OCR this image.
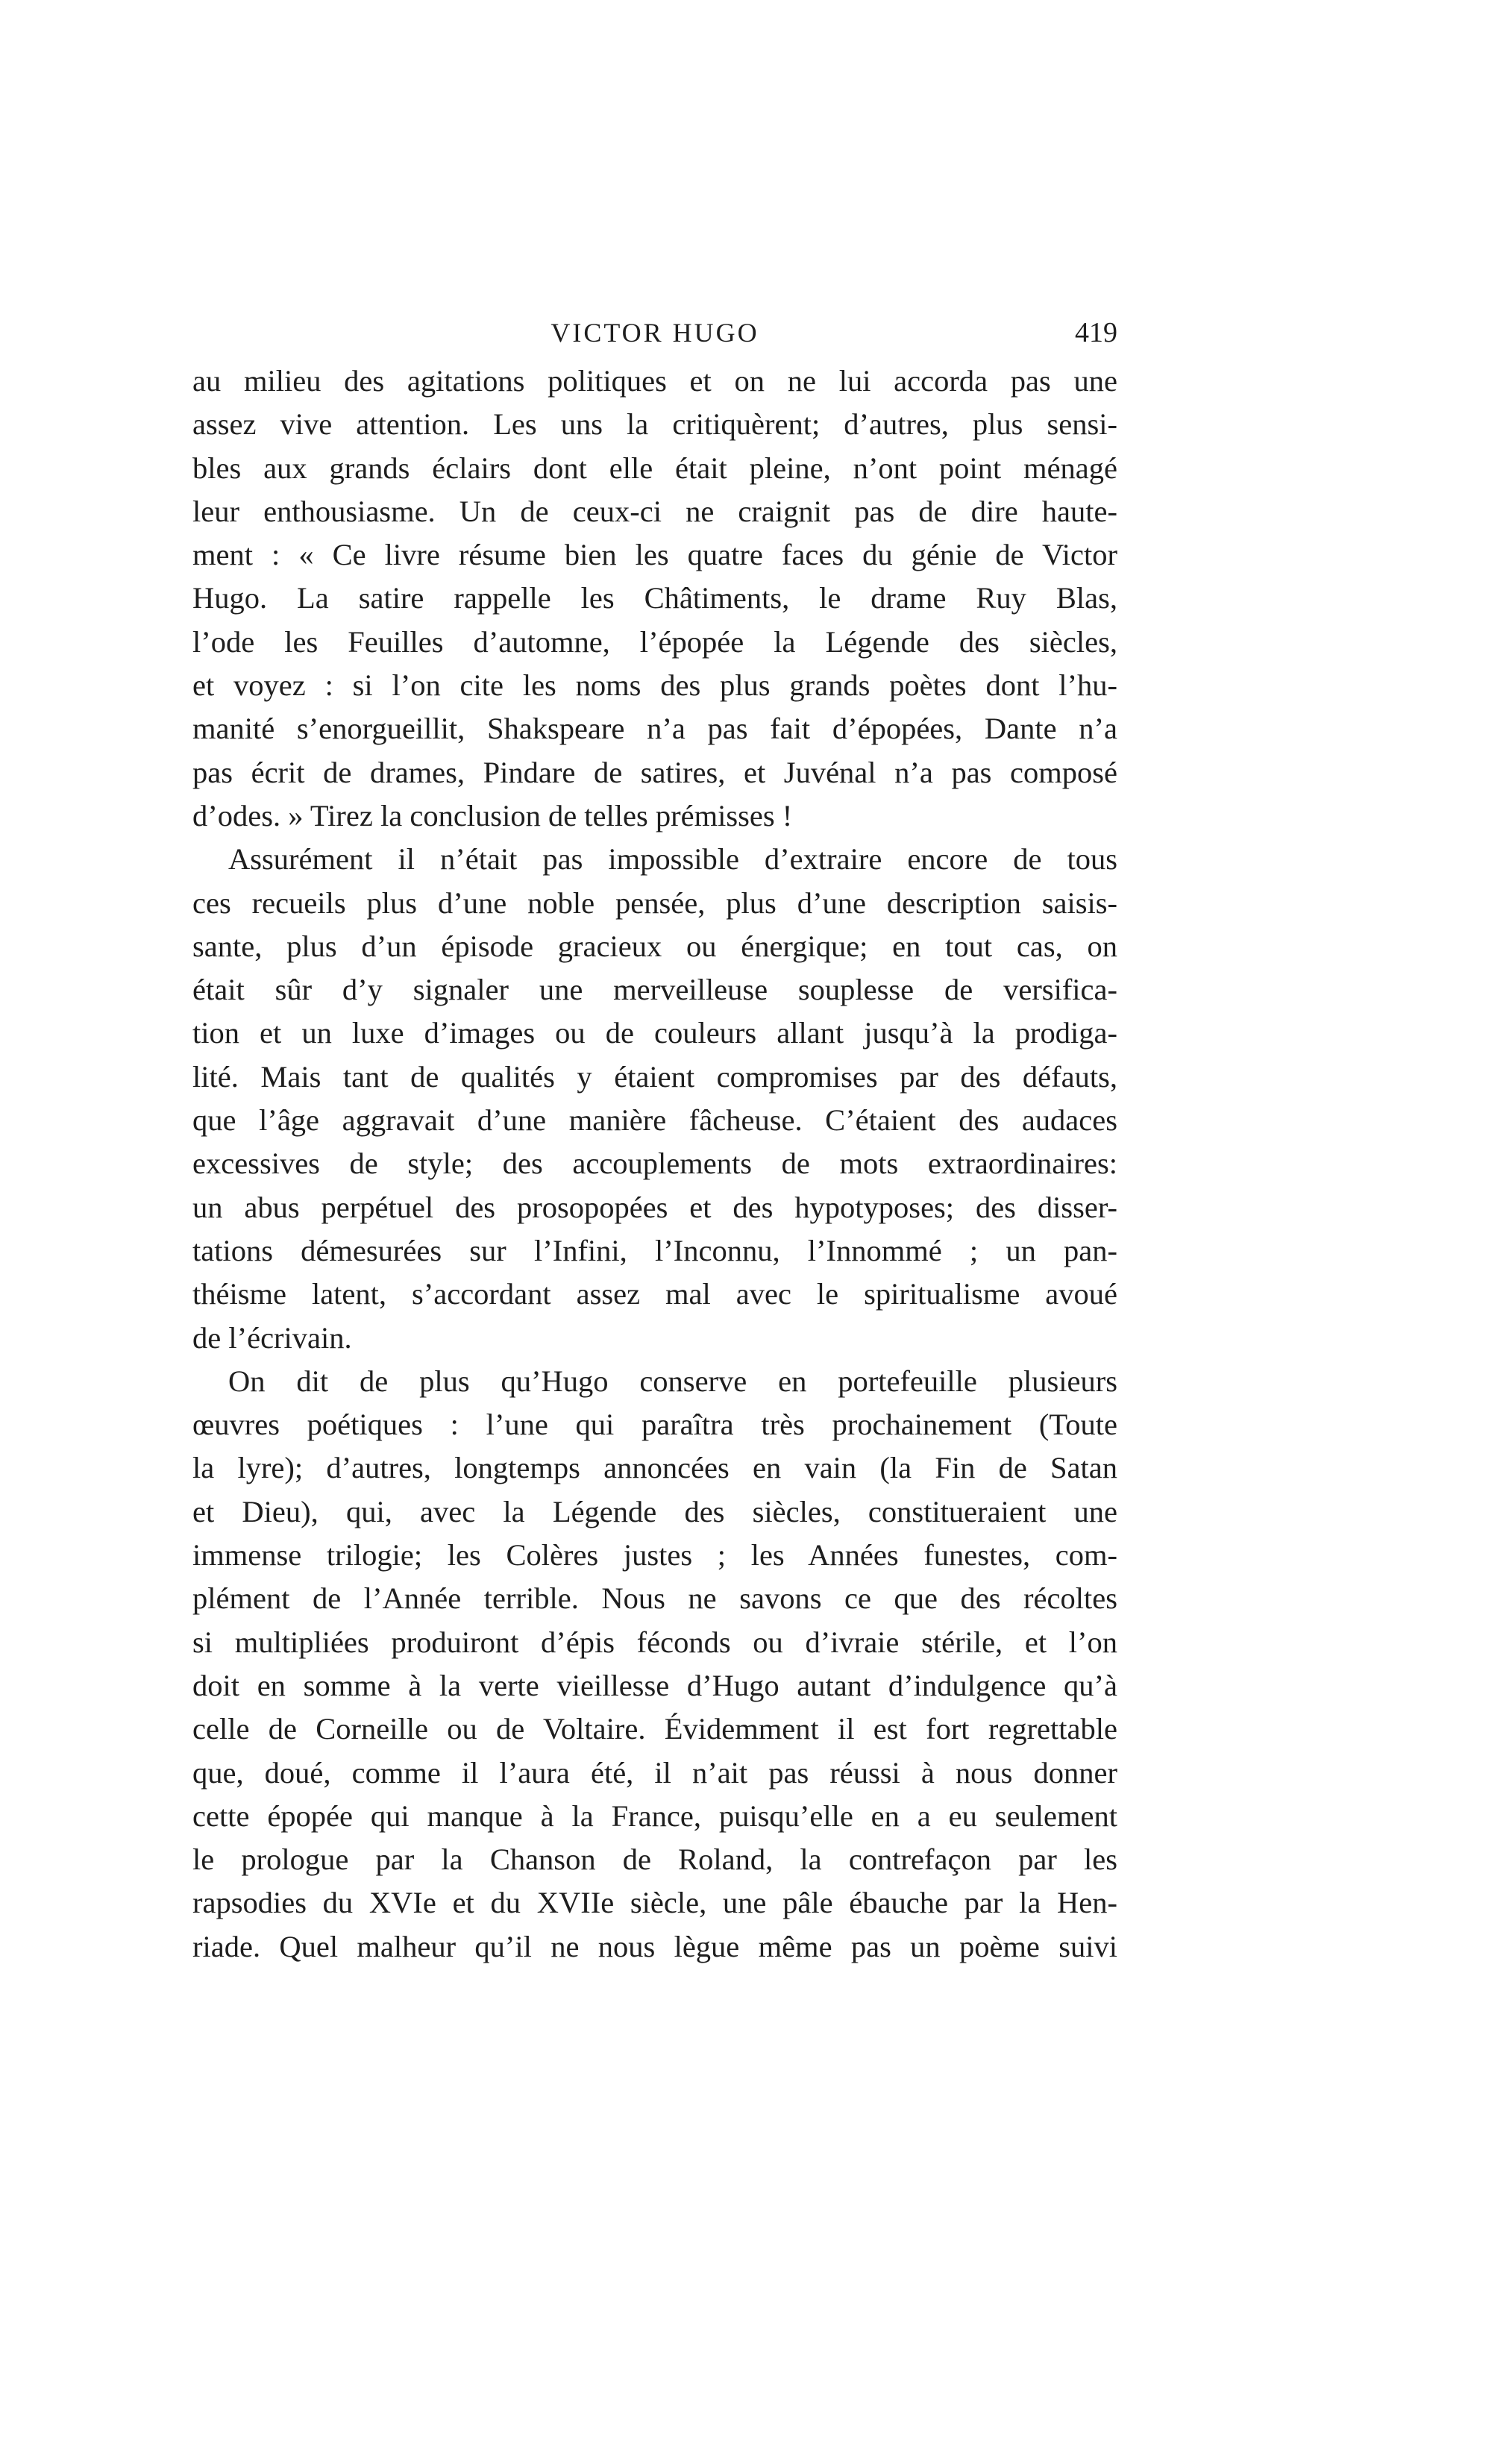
VICTOR HUGO	419
au milieu des agitations politiques et on ne lui accorda pas une
assez vive attention. Les uns la critiquèrent; d’autres, plus sensi-
bles aux grands éclairs dont elle était pleine, n’ont point ménagé
leur enthousiasme. Un de ceux-ci ne craignit pas de dire haute-
ment : « Ce livre résume bien les quatre faces du génie de Victor
Hugo. La satire rappelle les Châtiments, le drame Ruy Blas,
l’ode les Feuilles d’automne, l’épopée la Légende des siècles,
et voyez : si l’on cite les noms des plus grands poètes dont l’hu-
manité s’enorgueillit, Shakspeare n’a pas fait d’épopées, Dante n’a
pas écrit de drames, Pindare de satires, et Juvénal n’a pas composé
d’odes. » Tirez la conclusion de telles prémisses !
Assurément il n’était pas impossible d’extraire encore de tous
ces recueils plus d’une noble pensée, plus d’une description saisis-
sante, plus d’un épisode gracieux ou énergique; en tout cas, on
était sûr d’y signaler une merveilleuse souplesse de versifica-
tion et un luxe d’images ou de couleurs allant jusqu’à la prodiga-
lité. Mais tant de qualités y étaient compromises par des défauts,
que l’âge aggravait d’une manière fâcheuse. C’étaient des audaces
excessives de style; des accouplements de mots extraordinaires:
un abus perpétuel des prosopopées et des hypotyposes; des disser-
tations démesurées sur l’Infini, l’Inconnu, l’Innommé ; un pan-
théisme latent, s’accordant assez mal avec le spiritualisme avoué
de l’écrivain.
On dit de plus qu’Hugo conserve en portefeuille plusieurs
œuvres poétiques : l’une qui paraîtra très prochainement (Toute
la lyre); d’autres, longtemps annoncées en vain (la Fin de Satan
et Dieu), qui, avec la Légende des siècles, constitueraient une
immense trilogie; les Colères justes ; les Années funestes, com-
plément de l’Année terrible. Nous ne savons ce que des récoltes
si multipliées produiront d’épis féconds ou d’ivraie stérile, et l’on
doit en somme à la verte vieillesse d’Hugo autant d’indulgence qu’à
celle de Corneille ou de Voltaire. Évidemment il est fort regrettable
que, doué, comme il l’aura été, il n’ait pas réussi à nous donner
cette épopée qui manque à la France, puisqu’elle en a eu seulement
le prologue par la Chanson de Roland, la contrefaçon par les
rapsodies du XVIe et du XVIIe siècle, une pâle ébauche par la Hen-
riade. Quel malheur qu’il ne nous lègue même pas un poème suivi
